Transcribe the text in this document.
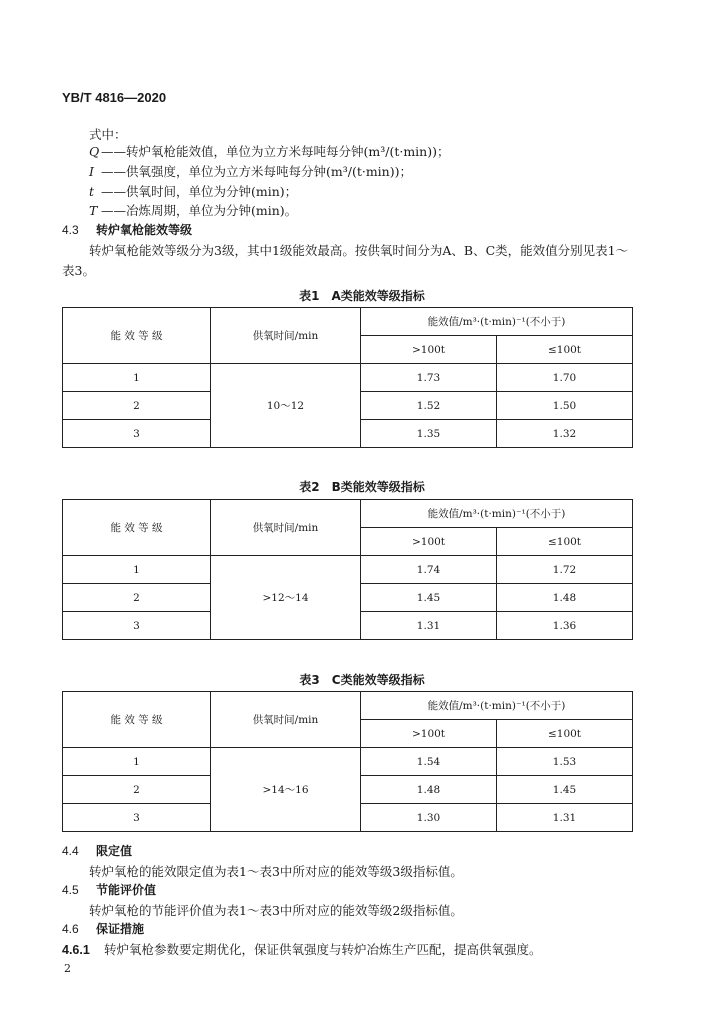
YB/T 4816—2020
式中：
Q ——转炉氧枪能效值，单位为立方米每吨每分钟(m³/(t·min))；
I ——供氧强度，单位为立方米每吨每分钟(m³/(t·min))；
t ——供氧时间，单位为分钟(min)；
T ——冶炼周期，单位为分钟(min)。
4.3 转炉氧枪能效等级
转炉氧枪能效等级分为3级，其中1级能效最高。按供氧时间分为A、B、C类，能效值分别见表1～
表3。
表1　A类能效等级指标
能 效 等 级	供氧时间/min	能效值/m³·(t·min)⁻¹(不小于)	
		>100t	≤100t
1	10～12	1.73	1.70
2		1.52	1.50
3		1.35	1.32
表2　B类能效等级指标
能 效 等 级	供氧时间/min	能效值/m³·(t·min)⁻¹(不小于)	
		>100t	≤100t
1	>12～14	1.74	1.72
2		1.45	1.48
3		1.31	1.36
表3　C类能效等级指标
能 效 等 级	供氧时间/min	能效值/m³·(t·min)⁻¹(不小于)	
		>100t	≤100t
1	>14～16	1.54	1.53
2		1.48	1.45
3		1.30	1.31
4.4 限定值
转炉氧枪的能效限定值为表1～表3中所对应的能效等级3级指标值。
4.5 节能评价值
转炉氧枪的节能评价值为表1～表3中所对应的能效等级2级指标值。
4.6 保证措施
4.6.1 转炉氧枪参数要定期优化，保证供氧强度与转炉冶炼生产匹配，提高供氧强度。
2
